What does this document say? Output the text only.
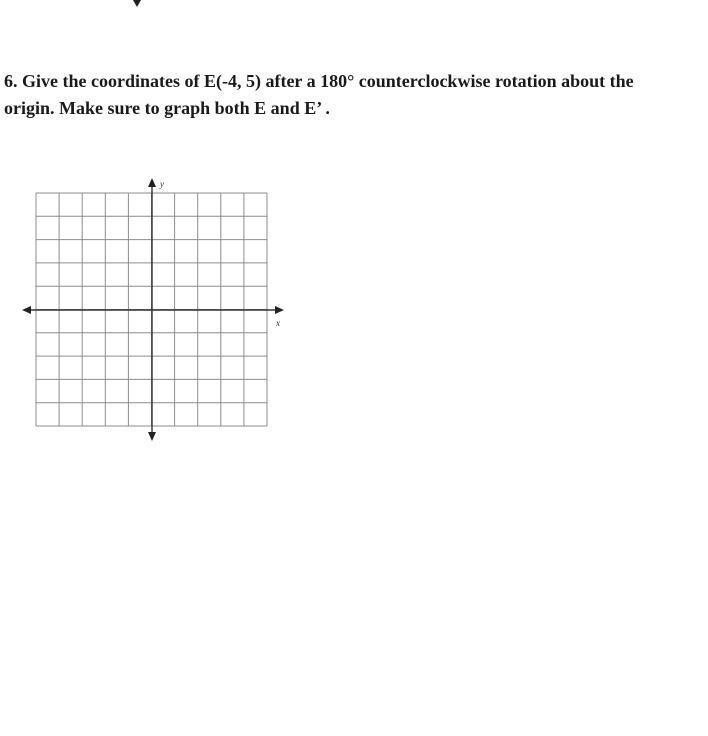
6. Give the coordinates of E(-4, 5) after a 180° counterclockwise rotation about the
origin. Make sure to graph both E and E’ .
y
x
